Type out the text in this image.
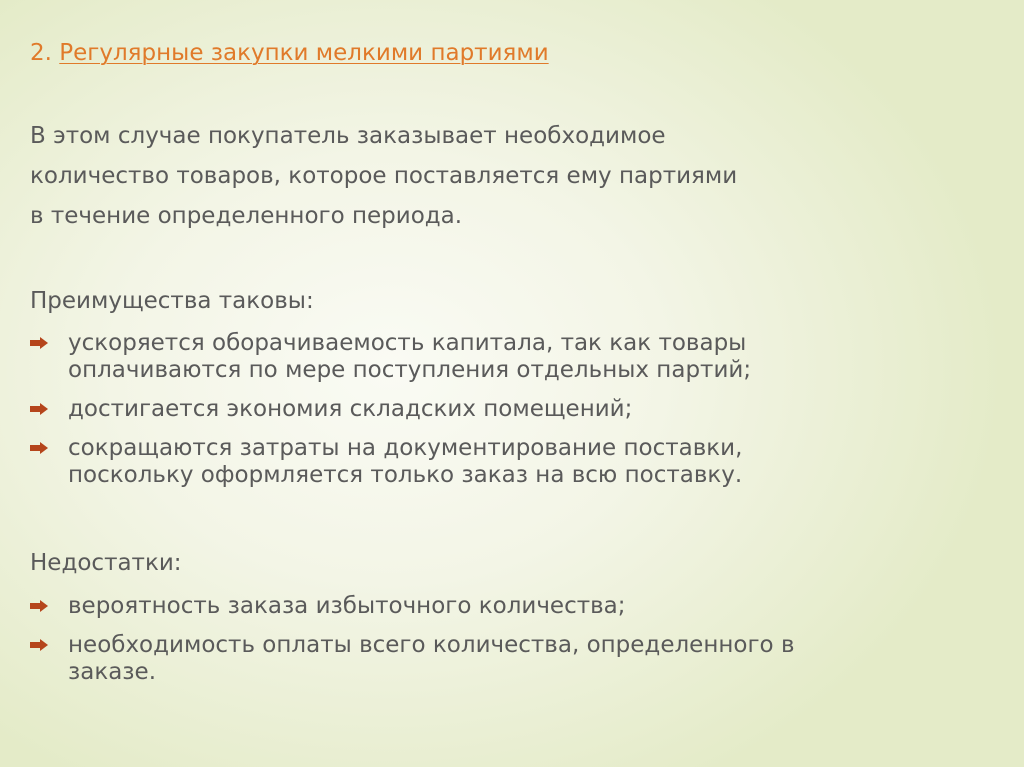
2. Регулярные закупки мелкими партиями
В этом случае покупатель заказывает необходимое
количество товаров, которое поставляется ему партиями
в течение определенного периода.
Преимущества таковы:
ускоряется оборачиваемость капитала, так как товары
оплачиваются по мере поступления отдельных партий;
достигается экономия складских помещений;
сокращаются затраты на документирование поставки,
поскольку оформляется только заказ на всю поставку.
Недостатки:
вероятность заказа избыточного количества;
необходимость оплаты всего количества, определенного в
заказе.
